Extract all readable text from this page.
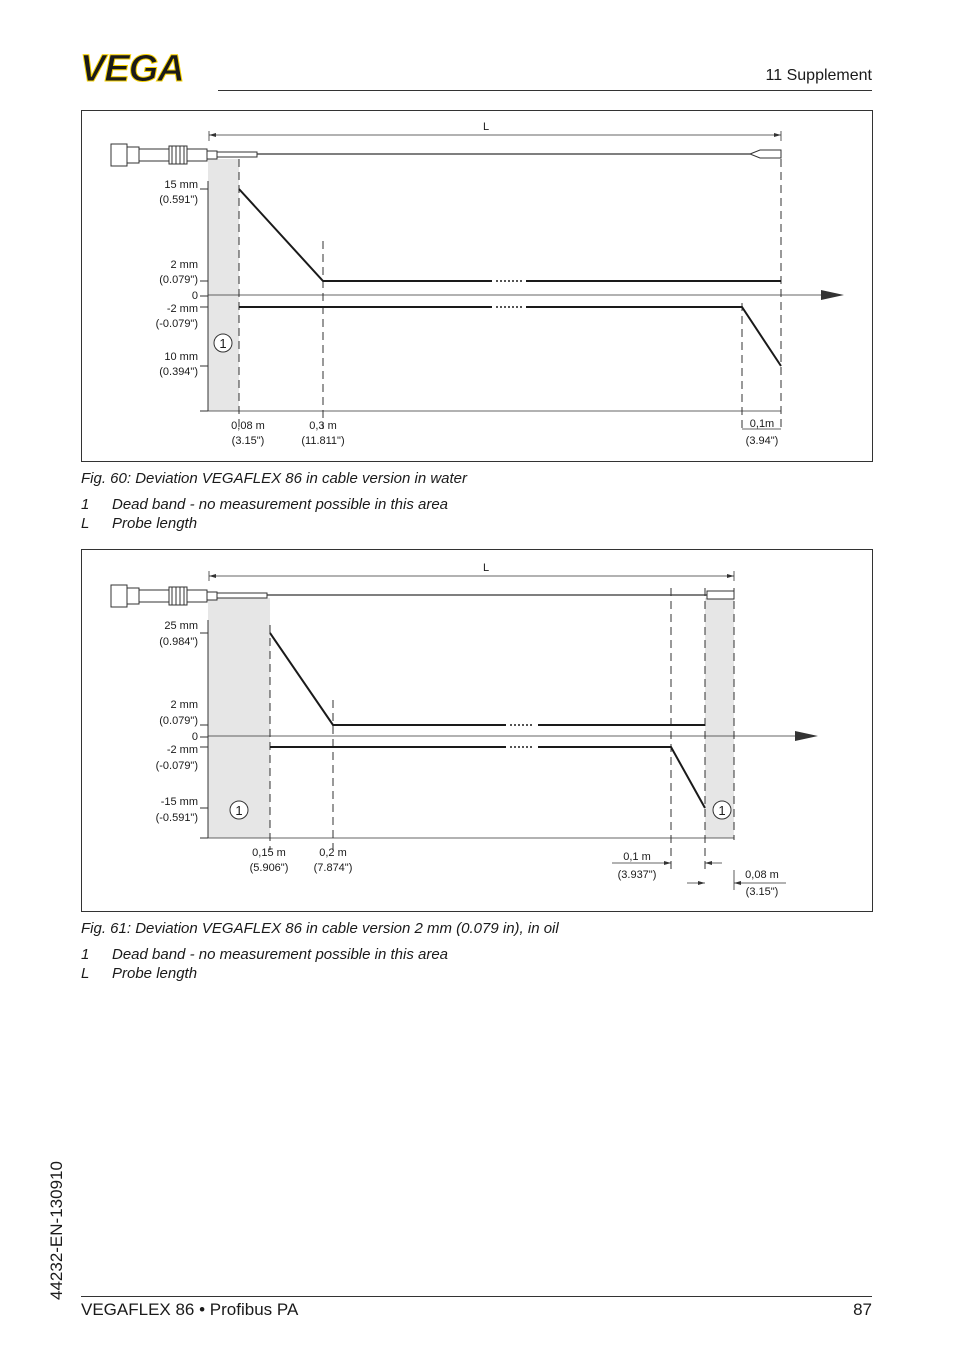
VEGA	11 Supplement
L
15 mm
(0.591")
2 mm
(0.079")
0
-2 mm
(-0.079")
10 mm
(0.394")
1
0,08 m
(3.15")
0,3 m
(11.811")
0,1m
(3.94")
Fig. 60: Deviation VEGAFLEX 86 in cable version in water
1 Dead band - no measurement possible in this area
L Probe length
L
25 mm
(0.984")
2 mm
(0.079")
0
-2 mm
(-0.079")
-15 mm
(-0.591")	1	1
0,15 m
(5.906")
0,2 m
(7.874")
0,1 m
(3.937")	0,08 m
(3.15")
Fig. 61: Deviation VEGAFLEX 86 in cable version 2 mm (0.079 in), in oil
1 Dead band - no measurement possible in this area
L Probe length
44232-EN-130910
VEGAFLEX 86 • Profibus PA	87
